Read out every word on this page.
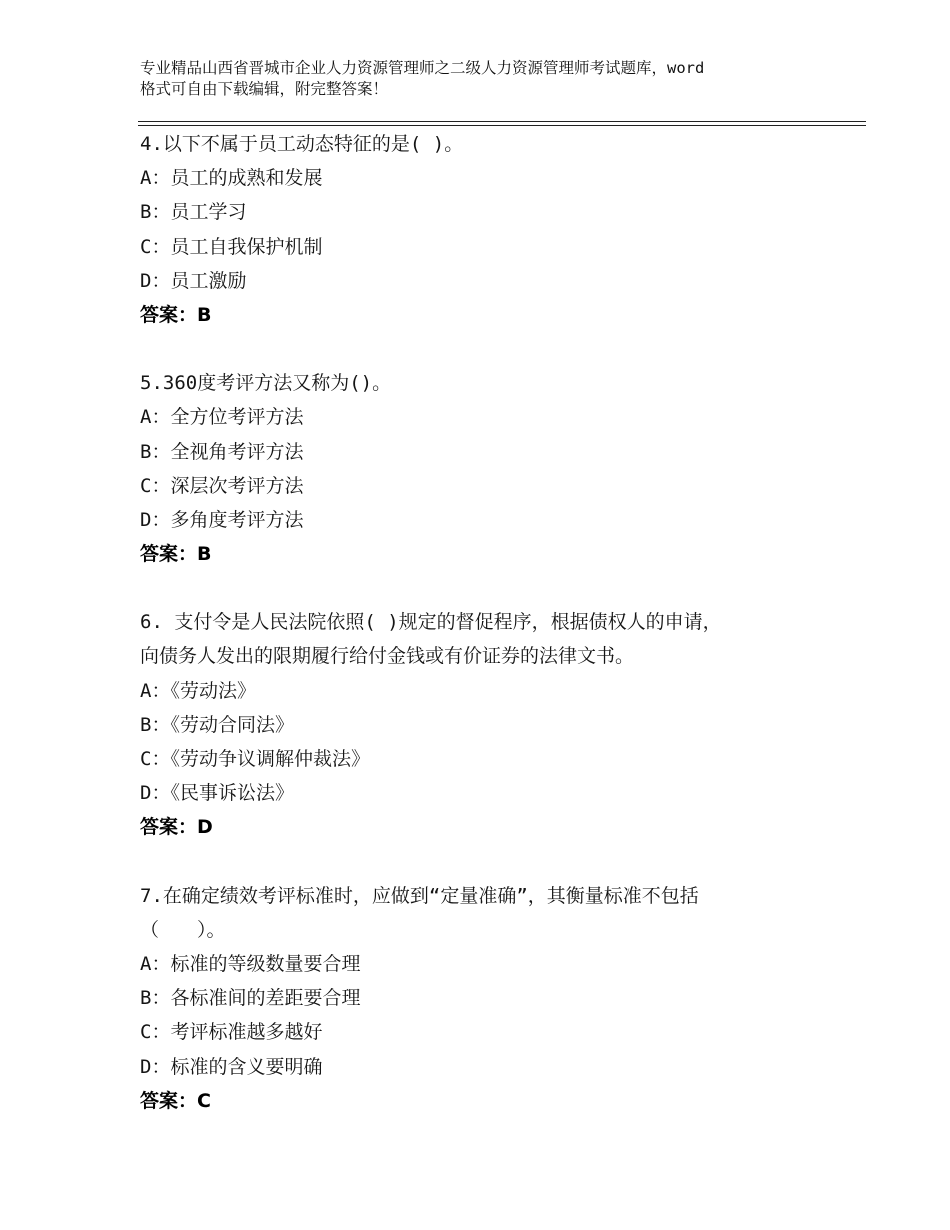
专业精品山西省晋城市企业人力资源管理师之二级人力资源管理师考试题库，word
格式可自由下载编辑，附完整答案！
4.以下不属于员工动态特征的是( )。
A：员工的成熟和发展
B：员工学习
C：员工自我保护机制
D：员工激励
答案：B
5.360度考评方法又称为()。
A：全方位考评方法
B：全视角考评方法
C：深层次考评方法
D：多角度考评方法
答案：B
6. 支付令是人民法院依照( )规定的督促程序，根据债权人的申请，
向债务人发出的限期履行给付金钱或有价证券的法律文书。
A：《劳动法》
B：《劳动合同法》
C：《劳动争议调解仲裁法》
D：《民事诉讼法》
答案：D
7.在确定绩效考评标准时，应做到“定量准确”，其衡量标准不包括
（　　）。
A：标准的等级数量要合理
B：各标准间的差距要合理
C：考评标准越多越好
D：标准的含义要明确
答案：C
